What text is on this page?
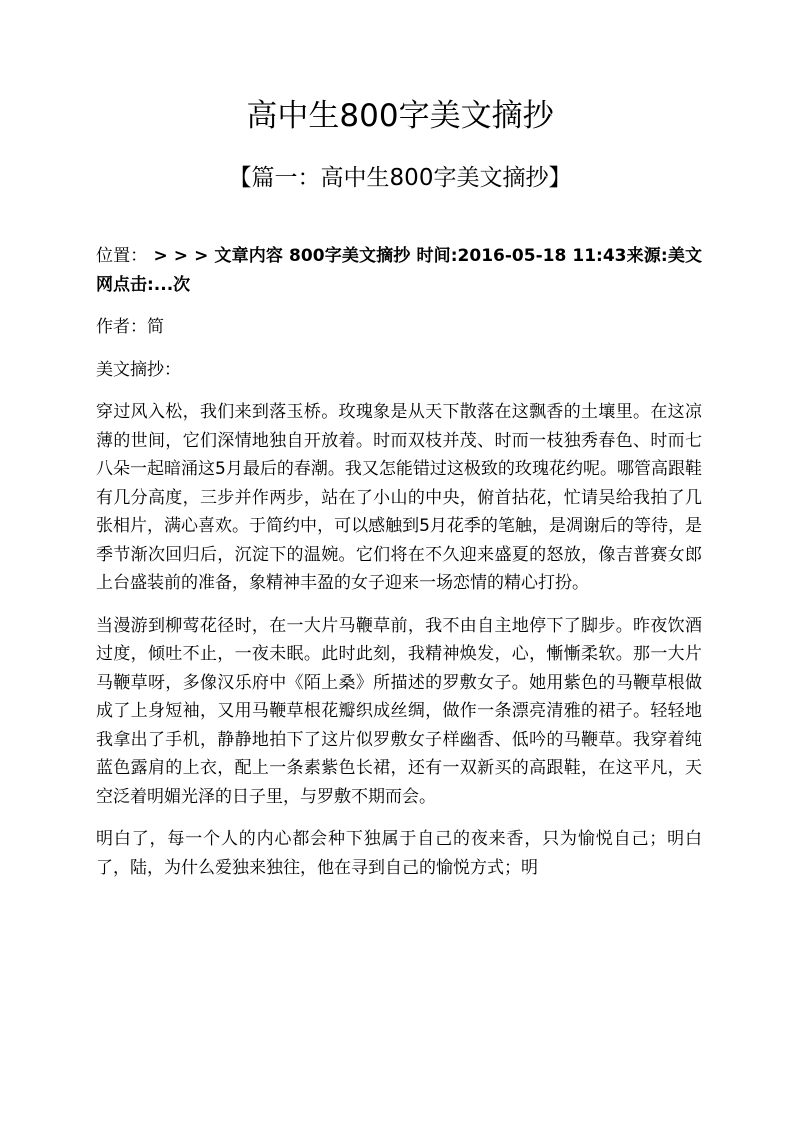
高中生800字美文摘抄
【篇一：高中生800字美文摘抄】

位置： > > > 文章内容 800字美文摘抄 时间:2016-05-18 11:43来源:美文网点击:...次

作者：简

美文摘抄：

穿过风入松，我们来到落玉桥。玫瑰象是从天下散落在这飘香的土壤里。在这凉薄的世间，它们深情地独自开放着。时而双枝并茂、时而一枝独秀春色、时而七八朵一起暗涌这5月最后的春潮。我又怎能错过这极致的玫瑰花约呢。哪管高跟鞋有几分高度，三步并作两步，站在了小山的中央，俯首拈花，忙请吴给我拍了几张相片，满心喜欢。于简约中，可以感触到5月花季的笔触，是凋谢后的等待，是季节渐次回归后，沉淀下的温婉。它们将在不久迎来盛夏的怒放，像吉普赛女郎上台盛装前的准备，象精神丰盈的女子迎来一场恋情的精心打扮。

当漫游到柳莺花径时，在一大片马鞭草前，我不由自主地停下了脚步。昨夜饮酒过度，倾吐不止，一夜未眠。此时此刻，我精神焕发，心，慚慚柔软。那一大片马鞭草呀，多像汉乐府中《陌上桑》所描述的罗敷女子。她用紫色的马鞭草根做成了上身短袖，又用马鞭草根花瓣织成丝绸，做作一条漂亮清雅的裙子。轻轻地我拿出了手机，静静地拍下了这片似罗敷女子样幽香、低吟的马鞭草。我穿着纯蓝色露肩的上衣，配上一条素紫色长裙，还有一双新买的高跟鞋，在这平凡，天空泛着明媚光泽的日子里，与罗敷不期而会。

明白了，每一个人的内心都会种下独属于自己的夜来香，只为愉悦自己；明白了，陆，为什么爱独来独往，他在寻到自己的愉悦方式；明
